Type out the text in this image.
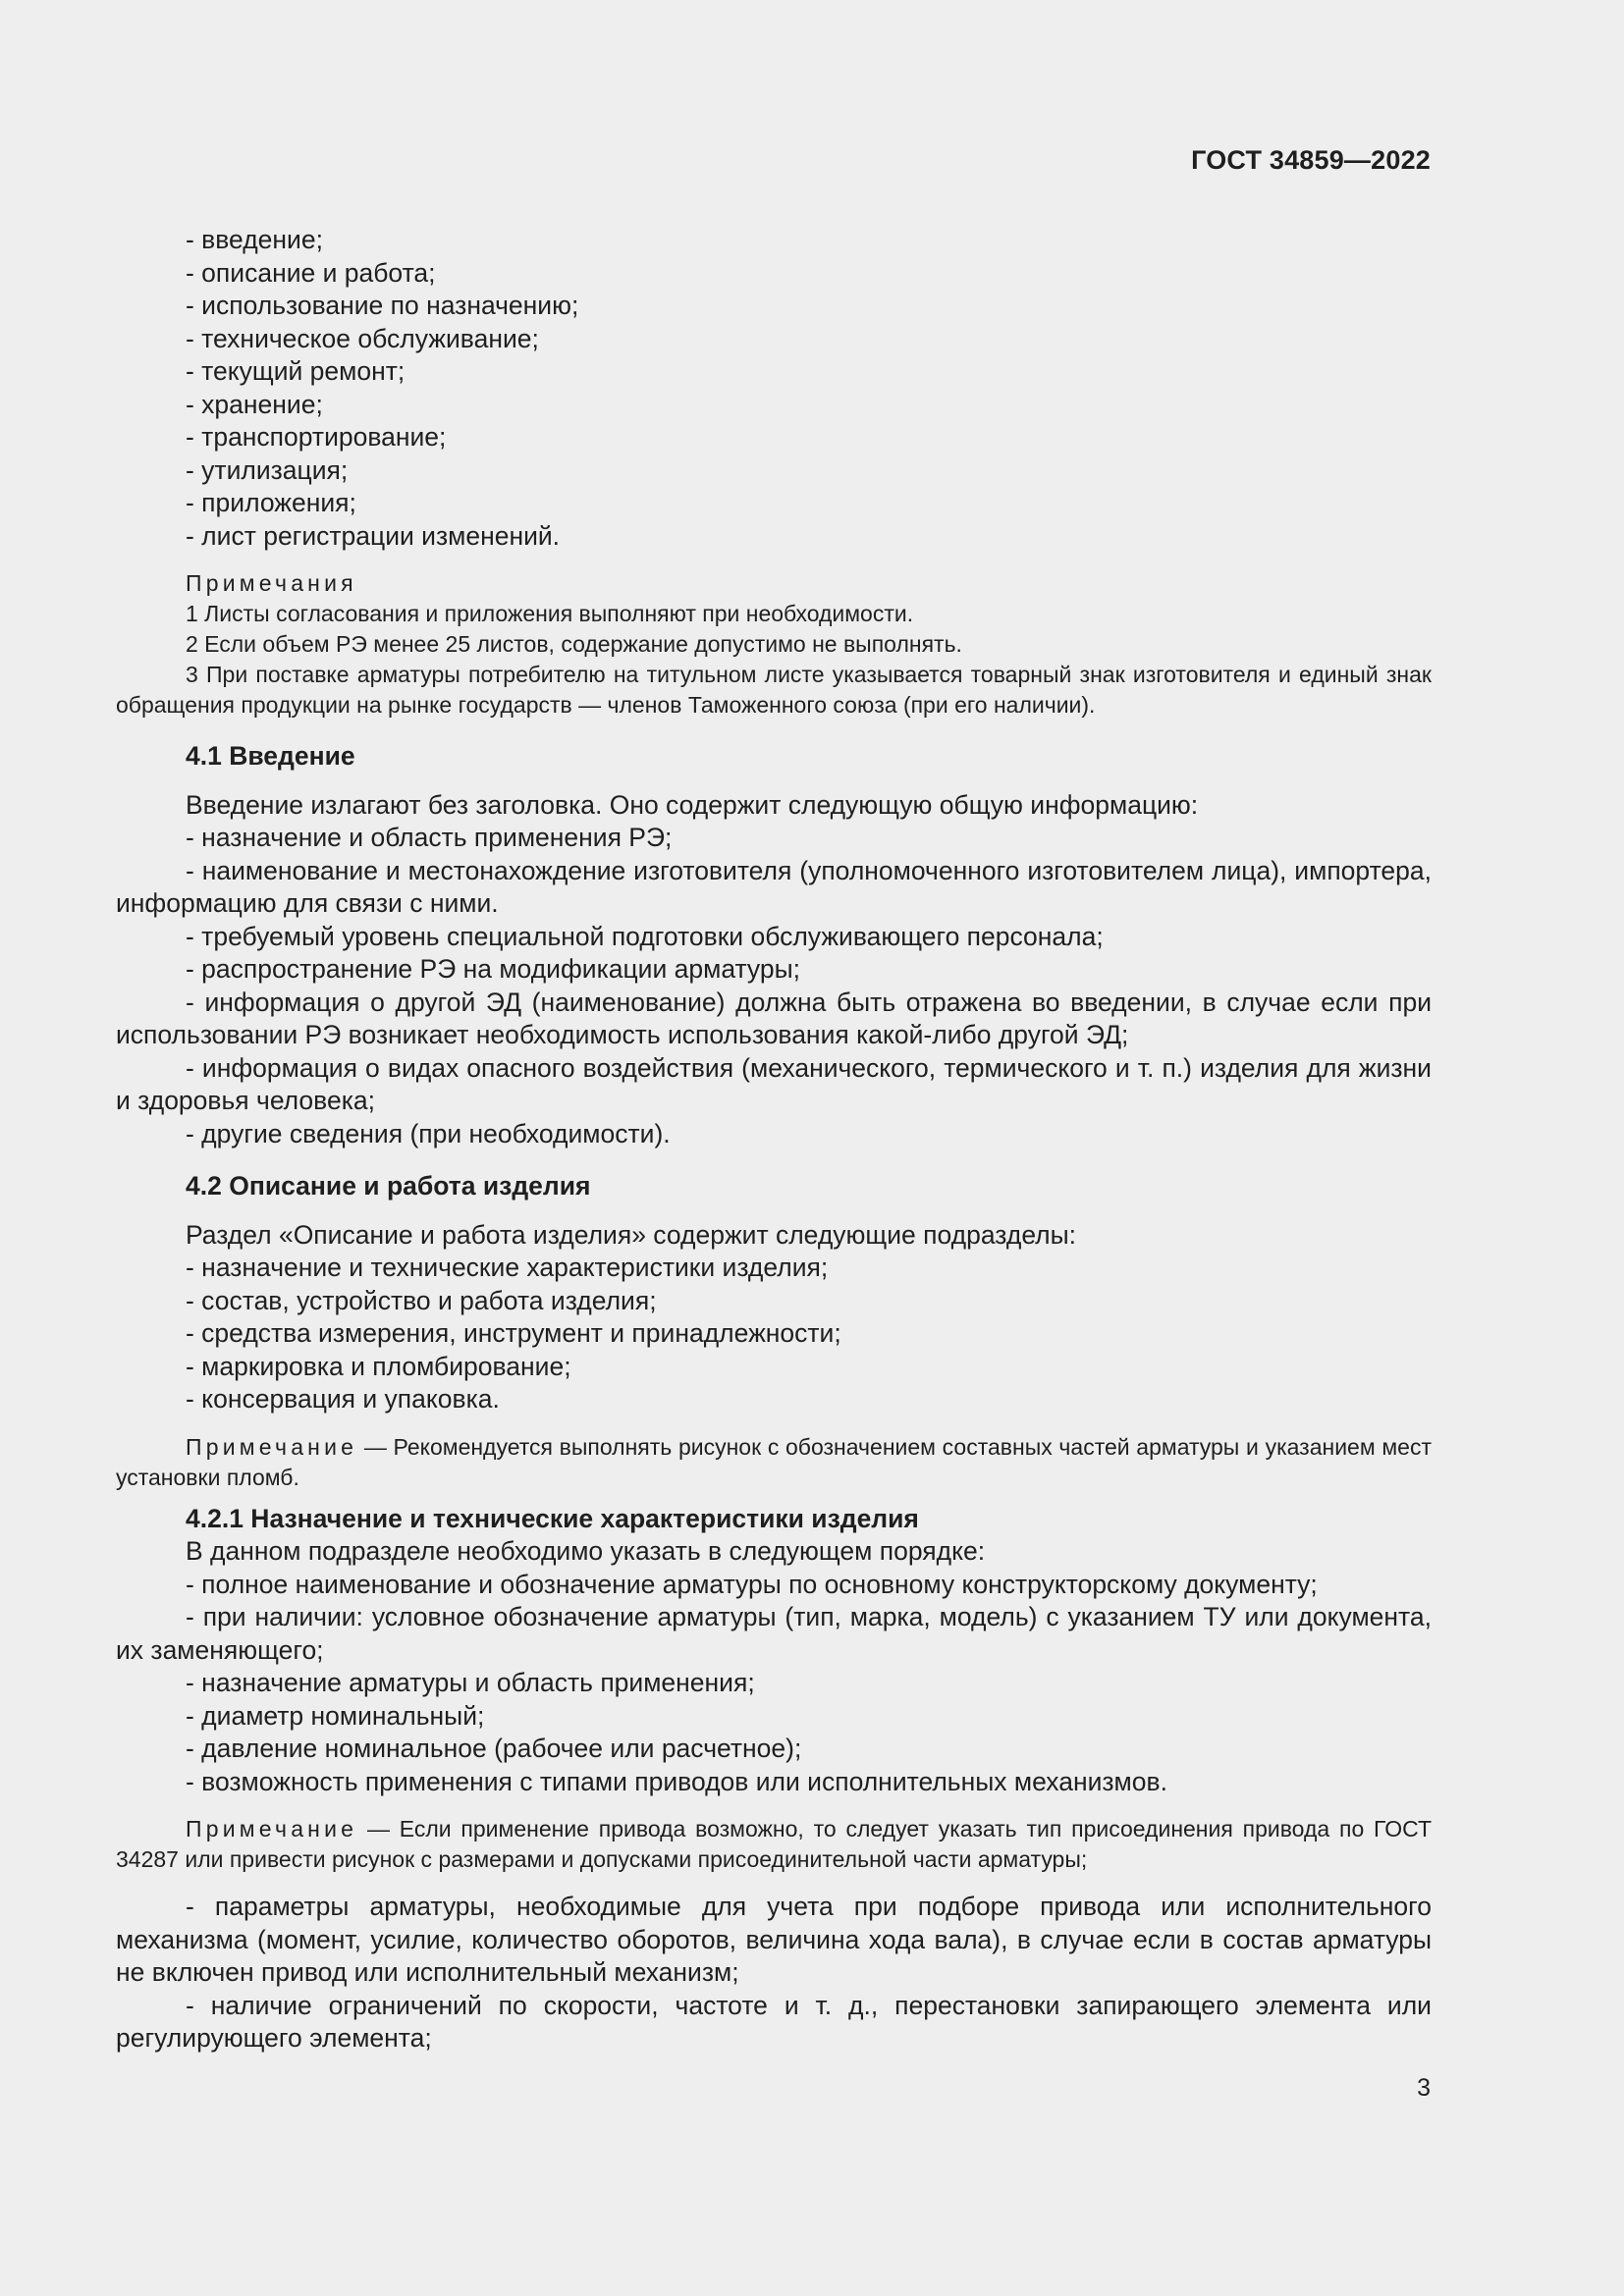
ГОСТ 34859—2022

- введение;

- описание и работа;

- использование по назначению;

- техническое обслуживание;

- текущий ремонт;

- хранение;

- транспортирование;

- утилизация;

- приложения;

- лист регистрации изменений.

Примечания

1 Листы согласования и приложения выполняют при необходимости.

2 Если объем РЭ менее 25 листов, содержание допустимо не выполнять.

3 При поставке арматуры потребителю на титульном листе указывается товарный знак изготовителя и единый знак обращения продукции на рынке государств — членов Таможенного союза (при его наличии).

4.1 Введение

Введение излагают без заголовка. Оно содержит следующую общую информацию:

- назначение и область применения РЭ;

- наименование и местонахождение изготовителя (уполномоченного изготовителем лица), импортера, информацию для связи с ними.

- требуемый уровень специальной подготовки обслуживающего персонала;

- распространение РЭ на модификации арматуры;

- информация о другой ЭД (наименование) должна быть отражена во введении, в случае если при использовании РЭ возникает необходимость использования какой-либо другой ЭД;

- информация о видах опасного воздействия (механического, термического и т. п.) изделия для жизни и здоровья человека;

- другие сведения (при необходимости).

4.2 Описание и работа изделия

Раздел «Описание и работа изделия» содержит следующие подразделы:

- назначение и технические характеристики изделия;

- состав, устройство и работа изделия;

- средства измерения, инструмент и принадлежности;

- маркировка и пломбирование;

- консервация и упаковка.

Примечание — Рекомендуется выполнять рисунок с обозначением составных частей арматуры и указанием мест установки пломб.

4.2.1 Назначение и технические характеристики изделия

В данном подразделе необходимо указать в следующем порядке:

- полное наименование и обозначение арматуры по основному конструкторскому документу;

- при наличии: условное обозначение арматуры (тип, марка, модель) с указанием ТУ или документа, их заменяющего;

- назначение арматуры и область применения;

- диаметр номинальный;

- давление номинальное (рабочее или расчетное);

- возможность применения с типами приводов или исполнительных механизмов.

Примечание — Если применение привода возможно, то следует указать тип присоединения привода по ГОСТ 34287 или привести рисунок с размерами и допусками присоединительной части арматуры;

- параметры арматуры, необходимые для учета при подборе привода или исполнительного механизма (момент, усилие, количество оборотов, величина хода вала), в случае если в состав арматуры не включен привод или исполнительный механизм;

- наличие ограничений по скорости, частоте и т. д., перестановки запирающего элемента или регулирующего элемента;

3
